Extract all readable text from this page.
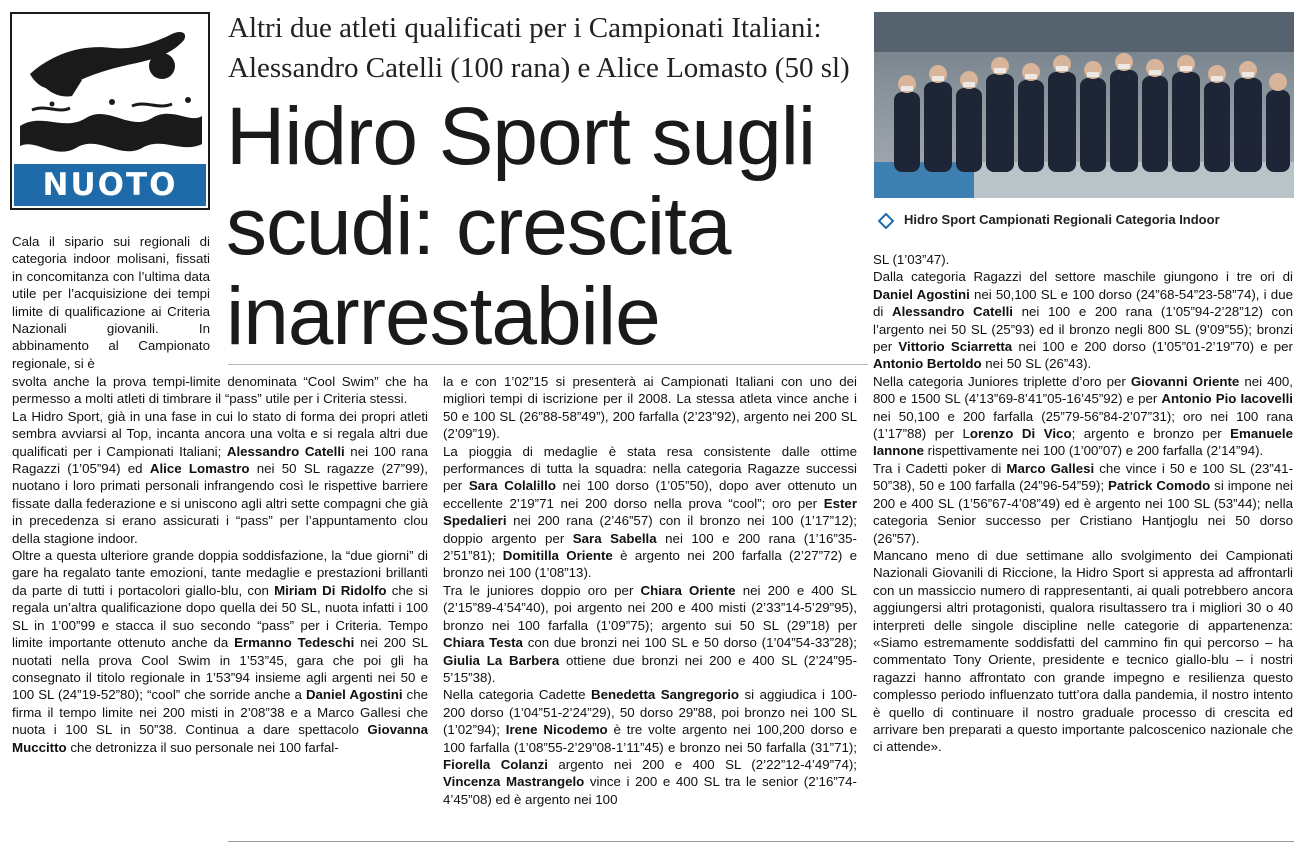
NUOTO
Altri due atleti qualificati per i Campionati Italiani:
Alessandro Catelli (100 rana) e Alice Lomasto (50 sl)
Hidro Sport sugli
scudi: crescita
inarrestabile
Hidro Sport Campionati Regionali Categoria Indoor

Cala il sipario sui regionali di categoria indoor molisani, fissati in concomitanza con l’ultima data utile per l’acquisizione dei tempi limite di qualificazione ai Criteria Nazionali giovanili. In abbinamento al Campionato regionale, si è

svolta anche la prova tempi-limite denominata “Cool Swim” che ha permesso a molti atleti di timbrare il “pass” utile per i Criteria stessi.

La Hidro Sport, già in una fase in cui lo stato di forma dei propri atleti sembra avviarsi al Top, incanta ancora una volta e si regala altri due qualificati per i Campionati Italiani; Alessandro Catelli nei 100 rana Ragazzi (1’05”94) ed Alice Lomastro nei 50 SL ragazze (27”99), nuotano i loro primati personali infrangendo così le rispettive barriere fissate dalla federazione e si uniscono agli altri sette compagni che già in precedenza si erano assicurati i “pass” per l’appuntamento clou della stagione indoor.

Oltre a questa ulteriore grande doppia soddisfazione, la “due giorni” di gare ha regalato tante emozioni, tante medaglie e prestazioni brillanti da parte di tutti i portacolori giallo-blu, con Miriam Di Ridolfo che si regala un’altra qualificazione dopo quella dei 50 SL, nuota infatti i 100 SL in 1’00”99 e stacca il suo secondo “pass” per i Criteria. Tempo limite importante ottenuto anche da Ermanno Tedeschi nei 200 SL nuotati nella prova Cool Swim in 1’53”45, gara che poi gli ha consegnato il titolo regionale in 1’53”94 insieme agli argenti nei 50 e 100 SL (24”19-52”80); “cool” che sorride anche a Daniel Agostini che firma il tempo limite nei 200 misti in 2’08”38 e a Marco Gallesi che nuota i 100 SL in 50”38. Continua a dare spettacolo Giovanna Muccitto che detronizza il suo personale nei 100 farfal-

la e con 1’02”15 si presenterà ai Campionati Italiani con uno dei migliori tempi di iscrizione per il 2008. La stessa atleta vince anche i 50 e 100 SL (26”88-58”49”), 200 farfalla (2’23”92), argento nei 200 SL (2’09”19).

La pioggia di medaglie è stata resa consistente dalle ottime performances di tutta la squadra: nella categoria Ragazze successi per Sara Colalillo nei 100 dorso (1’05”50), dopo aver ottenuto un eccellente 2’19”71 nei 200 dorso nella prova “cool”; oro per Ester Spedalieri nei 200 rana (2’46”57) con il bronzo nei 100 (1’17”12); doppio argento per Sara Sabella nei 100 e 200 rana (1’16”35-2’51”81); Domitilla Oriente è argento nei 200 farfalla (2’27”72) e bronzo nei 100 (1’08”13).

Tra le juniores doppio oro per Chiara Oriente nei 200 e 400 SL (2’15”89-4’54”40), poi argento nei 200 e 400 misti (2’33”14-5’29”95), bronzo nei 100 farfalla (1’09”75); argento sui 50 SL (29”18) per Chiara Testa con due bronzi nei 100 SL e 50 dorso (1’04”54-33”28); Giulia La Barbera ottiene due bronzi nei 200 e 400 SL (2’24”95-5’15”38).

Nella categoria Cadette Benedetta Sangregorio si aggiudica i 100-200 dorso (1’04”51-2’24”29), 50 dorso 29”88, poi bronzo nei 100 SL (1’02”94); Irene Nicodemo è tre volte argento nei 100,200 dorso e 100 farfalla (1’08”55-2’29”08-1’11”45) e bronzo nei 50 farfalla (31”71); Fiorella Colanzi argento nei 200 e 400 SL (2’22”12-4’49”74); Vincenza Mastrangelo vince i 200 e 400 SL tra le senior (2’16”74-4’45”08) ed è argento nei 100

SL (1’03”47).

Dalla categoria Ragazzi del settore maschile giungono i tre ori di Daniel Agostini nei 50,100 SL e 100 dorso (24”68-54”23-58”74), i due di Alessandro Catelli nei 100 e 200 rana (1’05”94-2’28”12) con l’argento nei 50 SL (25”93) ed il bronzo negli 800 SL (9’09”55); bronzi per Vittorio Sciarretta nei 100 e 200 dorso (1’05”01-2’19”70) e per Antonio Bertoldo nei 50 SL (26”43).

Nella categoria Juniores triplette d’oro per Giovanni Oriente nei 400, 800 e 1500 SL (4’13”69-8’41”05-16’45”92) e per Antonio Pio Iacovelli nei 50,100 e 200 farfalla (25”79-56”84-2’07”31); oro nei 100 rana (1’17”88) per Lorenzo Di Vico; argento e bronzo per Emanuele Iannone rispettivamente nei 100 (1’00”07) e 200 farfalla (2’14”94).

Tra i Cadetti poker di Marco Gallesi che vince i 50 e 100 SL (23”41-50”38), 50 e 100 farfalla (24”96-54”59); Patrick Comodo si impone nei 200 e 400 SL (1’56”67-4’08”49) ed è argento nei 100 SL (53”44); nella categoria Senior successo per Cristiano Hantjoglu nei 50 dorso (26”57).

Mancano meno di due settimane allo svolgimento dei Campionati Nazionali Giovanili di Riccione, la Hidro Sport si appresta ad affrontarli con un massiccio numero di rappresentanti, ai quali potrebbero ancora aggiungersi altri protagonisti, qualora risultassero tra i migliori 30 o 40 interpreti delle singole discipline nelle categorie di appartenenza: «Siamo estremamente soddisfatti del cammino fin qui percorso – ha commentato Tony Oriente, presidente e tecnico giallo-blu – i nostri ragazzi hanno affrontato con grande impegno e resilienza questo complesso periodo influenzato tutt’ora dalla pandemia, il nostro intento è quello di continuare il nostro graduale processo di crescita ed arrivare ben preparati a questo importante palcoscenico nazionale che ci attende».
